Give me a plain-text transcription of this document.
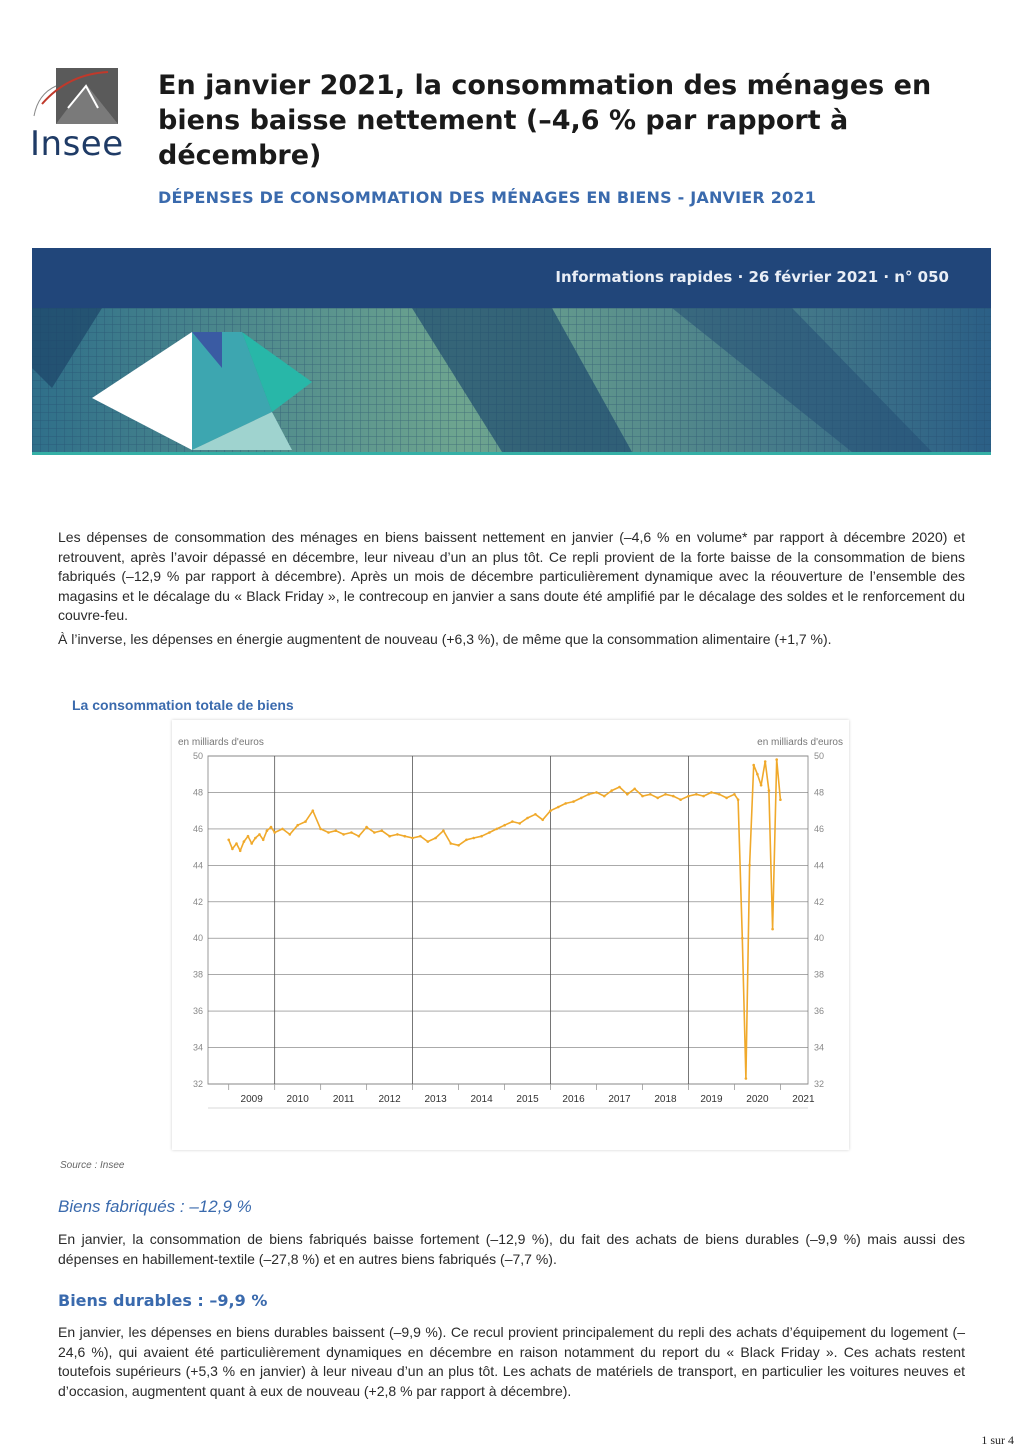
Insee
En janvier 2021, la consommation des ménages en biens baisse nettement (–4,6 % par rapport à décembre)
DÉPENSES DE CONSOMMATION DES MÉNAGES EN BIENS - JANVIER 2021
Informations rapides · 26 février 2021 · n° 050

Les dépenses de consommation des ménages en biens baissent nettement en janvier (–4,6 % en volume* par rapport à décembre 2020) et retrouvent, après l’avoir dépassé en décembre, leur niveau d’un an plus tôt. Ce repli provient de la forte baisse de la consommation de biens fabriqués (–12,9 % par rapport à décembre). Après un mois de décembre particulièrement dynamique avec la réouverture de l’ensemble des magasins et le décalage du « Black Friday », le contrecoup en janvier a sans doute été amplifié par le décalage des soldes et le renforcement du couvre-feu.

À l’inverse, les dépenses en énergie augmentent de nouveau (+6,3 %), de même que la consommation alimentaire (+1,7 %).

La consommation totale de biens
32
34
36
38
40
42
44
46
48
50
32
34
36
38
40
42
44
46
48
50
2009 2010 2011 2012 2013 2014 2015 2016 2017 2018 2019 2020 2021
en milliards d'euros	en milliards d'euros
Source : Insee
Biens fabriqués : –12,9 %

En janvier, la consommation de biens fabriqués baisse fortement (–12,9 %), du fait des achats de biens durables (–9,9 %) mais aussi des dépenses en habillement-textile (–27,8 %) et en autres biens fabriqués (–7,7 %).

Biens durables : –9,9 %

En janvier, les dépenses en biens durables baissent (–9,9 %). Ce recul provient principalement du repli des achats d’équipement du logement (–24,6 %), qui avaient été particulièrement dynamiques en décembre en raison notamment du report du « Black Friday ». Ces achats restent toutefois supérieurs (+5,3 % en janvier) à leur niveau d’un an plus tôt. Les achats de matériels de transport, en particulier les voitures neuves et d’occasion, augmentent quant à eux de nouveau (+2,8 % par rapport à décembre).

1 sur 4
